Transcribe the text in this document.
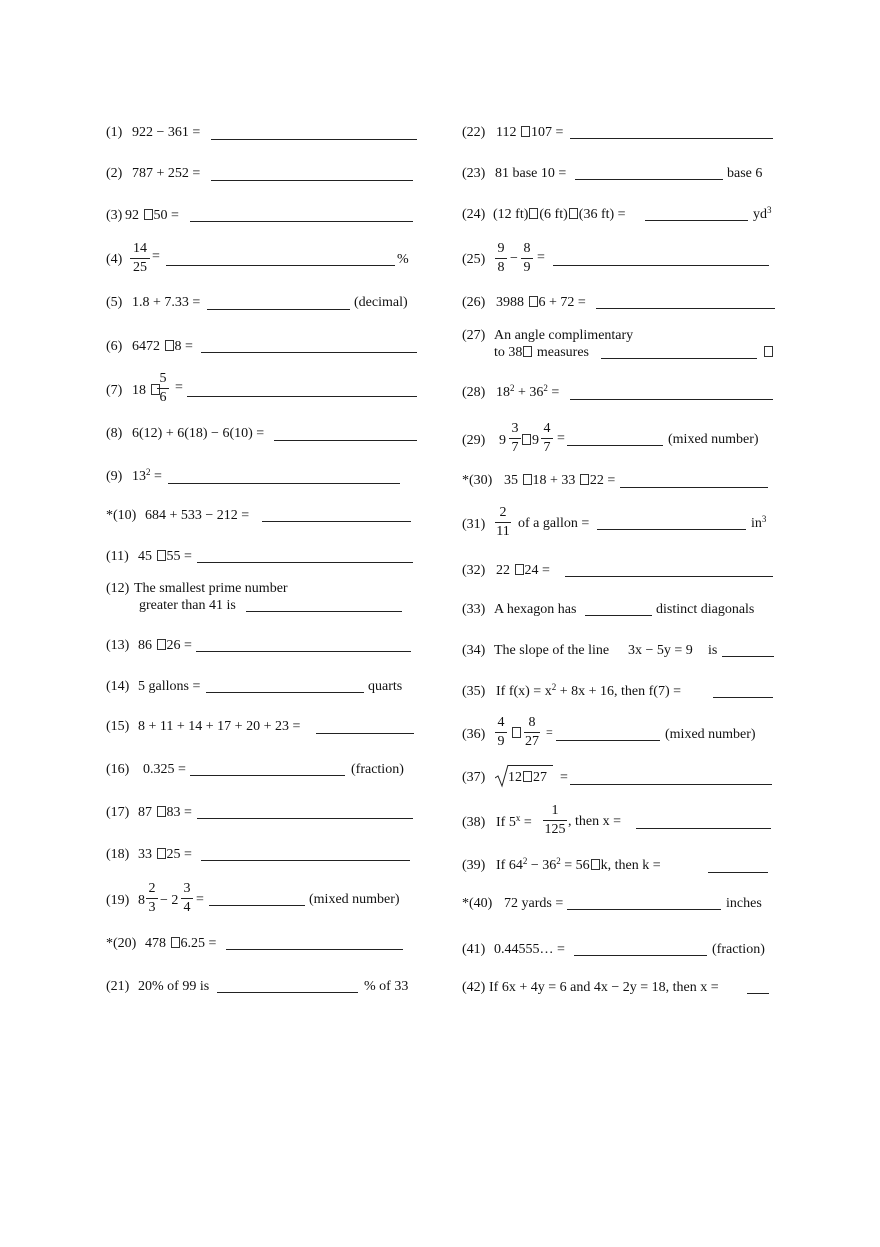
(1) 922 − 361 =
(2) 787 + 252 =
(3) 92 50 =
(4)
14
25
=	%
(5) 1.8 + 7.33 =	(decimal)
(6) 6472 8 =
(7) 18
5
6
=
(8) 6(12) + 6(18) − 6(10) =
(9) $13^2$ =
*(10) 684 + 533 − 212 =
(11) 45 55 =
(12) The smallest prime number
greater than 41 is
(13) 86 26 =
(14) 5 gallons =	quarts
(15) 8 + 11 + 14 + 17 + 20 + 23 =
(16) 0.325 =	(fraction)
(17) 87 83 =
(18) 33 25 =
(19) 8
2
3 − 2
3
4
=	(mixed number)
*(20) 478 6.25 =
(21) 20% of 99 is	% of 33
(22) 112 107 =
(23) 81 base 10 =	base 6
(24) (12 ft) (6 ft) (36 ft) =	$yd^3$
(25)
9
8
−
8
9
=
(26) 3988 6 + 72 =
(27) An angle complimentary
to 38 measures
(28) $18^2 + 36^2$ =
(29) 9
3
7 9
4
7
=	(mixed number)
*(30) 35 18 + 33 22 =
(31)
2
11
of a gallon =	$in^3$
(32) 22 24 =
(33) A hexagon has	distinct diagonals
(34) The slope of the line 3x − 5y = 9 is
(35) If $f(x) = x^2 + 8x + 16$, then f(7) =
(36)
4
9
8
27
=	(mixed number)
(37) 12 27 =
(38) If $5^x$ =
1
125
, then x =
(39) If $64^2 - 36^2 = 56$ k, then k =
*(40) 72 yards =	inches
(41) 0.44555… =	(fraction)
(42) If 6x + 4y = 6 and 4x − 2y = 18, then x =
